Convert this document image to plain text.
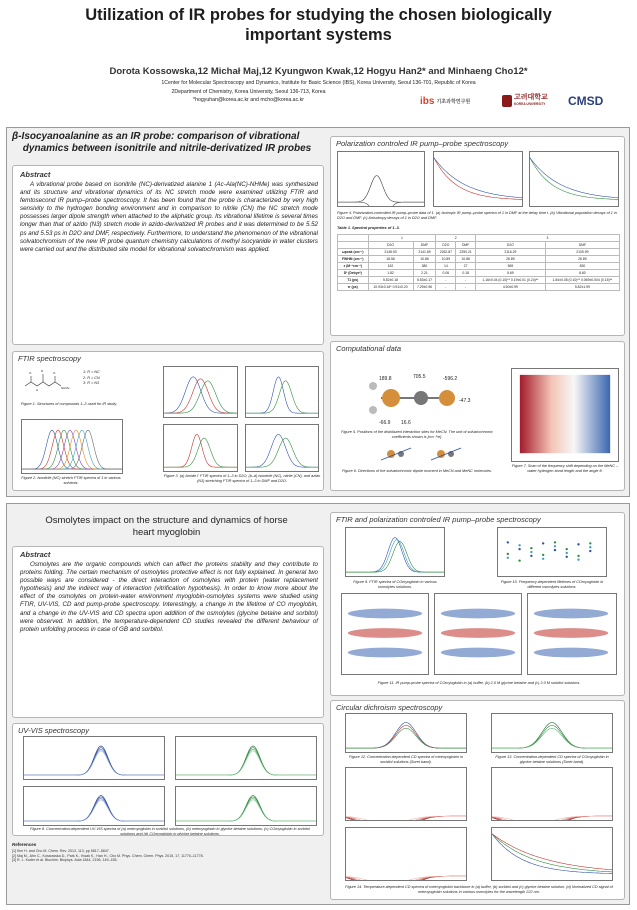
Utilization of IR probes for studying the chosen biologically
important systems
Dorota Kossowska,12 Michał Maj,12 Kyungwon Kwak,12 Hogyu Han2* and Minhaeng Cho12*
1Center for Molecular Spectroscopy and Dynamics, Institute for Basic Science (IBS), Korea University, Seoul 136-701, Republic of Korea
2Department of Chemistry, Korea University, Seoul 136-713, Korea
*hogyuhan@korea.ac.kr and mcho@korea.ac.kr	ibs 기초과학연구원
고려대학교
KOREA UNIVERSITY CMSD
β-Isocyanoalanine as an IR probe: comparison of vibrational
dynamics between isonitrile and nitrile-derivatized IR probes
Abstract
A vibrational probe based on isonitrile (NC)-derivatized alanine 1 (Ac-Ala(NC)-NHMe) was synthesized and its structure and vibrational dynamics of its NC stretch mode were examined utilizing FTIR and femtosecond IR pump–probe spectroscopy. It has been found that the probe is characterized by very high sensivity to the hydrogen bonding environment and in comparison to nitrile (CN) the NC stretch mode possesses larger dipole strength when attached to the aliphatic group. Its vibrational lifetime is several times longer than that of azido (N3) stretch mode in azido-derivatized IR probes and it was determined to be 5.52 ps and 5.53 ps in D2O and DMF, respectively. Furthermore, to understand the phenomenon of the vibrational solvatochromism of the new IR probe quantum chemistry calculations of methyl isocyanide in water clusters were carried out and the distributed site model for vibrational solvatochromism was applied.
FTIR spectroscopy
O	R	O
H	NHMe
1: R = NC
2: R = CN
3: R = N3
Figure 1. Structures of compounds 1–3 used for IR study.
Figure 2. Isonitrile (NC) stretch FTIR spectra of 1 in various solvents.
Figure 3. (a) Amide I' FTIR spectra of 1–3 in D2O, (b–d) isonitrile (NC), nitrile (CN), and azido (N3) stretching FTIR spectra of 1–3 in DMF and D2O.
Polarization controled IR pump–probe spectroscopy
Figure 4. Polarization-controlled IR pump–probe data of 1. (a) Isotropic IR pump–probe spectra of 1 in DMF at the delay time t. (b) Vibrational population decays of 1 in D2O and DMF. (c) Anisotropy decays of 1 in D2O and DMF.
Table 1. Spectral properties of 1–3.
	1		2		3	
	D2O	DMF	D2O	DMF	D2O	DMF
ωpeak (cm⁻¹)	2148.93	2141.69	2262.87	2250.21	2116.29	2105.99
FWHM (cm⁻¹)	18.56	10.86	10.89	10.86	26.89	26.89
ε (M⁻¹cm⁻¹)	162	380	14	27	569	830
D² (Debye²)	1.82	2.21	0.06	0.18	5.69	8.60
T1 (ps)	5.52±0.18	5.53±0.17	-	-	1.16±0.04 (0.10)** 0.19±0.01 (0.24)**	1.84±0.08 (0.10)** 0.069±0.004 (0.15)**
τr (ps)	10.93±0.16* 0.91±0.20	7.29±0.96	-	-	4.50±0.99	5.82±1.99
Computational data
189.8	705.5	-596.2
-47.3
-66.9 16.6
Figure 5. Positions of the distributed interaction sites for MeCN. The unit of solvatochromic coefficients shown is [cm⁻¹/e].
Figure 6. Directions of the solvatochromic dipole moment in MeCN and MeNC molecules.
Figure 7. Scan of the frequency shift depending on the MeNC – water hydrogen bond length and the angle θ.
Osmolytes impact on the structure and dynamics of horse
heart myoglobin
Abstract
Osmolytes are the organic compounds which can affect the proteins stability and they contribute to proteins folding. The certain mechanism of osmolytes protective effect is not fully explained. In general two possible ways are considered - the direct interaction of osmolytes with protein (water replacement hypothesis) and the indirect way of interaction (vitrification hypothesis). In order to know more about the effect of the osmolytes on protein-water environment myoglobin-osmolytes systems were studied using FTIR, UV-VIS, CD and pump-probe spectroscopy. Interestingly, a change in the lifetime of CO myoglobin, and a change in the UV-VIS and CD spectra upon addition of the osmolytes (glycine betaine and sorbitol) were observed. In addition, the temperature-dependent CD studies revealed the different behaviour of protein unfolding process in case of GB and sorbitol.
UV-VIS spectroscopy
Figure 8. Concentration-dependent UV-VIS spectra of (a) metmyoglobin in sorbitol solutions, (b) metmyoglobin in glycine betaine solutions, (c) COmyoglobin in sorbitol solutions and (d) COmyoglobin in glycine betaine solutions.
References
[1] Kim H. and Cho M. Chem. Rev. 2013, 113, pp 5817–5847.
[2] Maj M., Ahn C., Kossowska D., Park K., Kwak K., Han H., Cho M. Phys. Chem. Chem. Phys. 2015, 17, 11770–11778.
[3] R. L. Koder et al. Biochim. Biophys. Acta 1844, 2196, 149–155.
FTIR and polarization controled IR pump–probe spectroscopy
Figure 9. FTIR spectra of COmyoglobin in various osmolytes solutions.
Figure 10. Frequency-dependent lifetimes of COmyoglobin in different osmolytes solutions.
Figure 11. IR pump-probe spectra of COmyoglobin in (a) buffer, (b) 2.0 M glycine betaine and (c) 2.0 M sorbitol solutions.
Circular dichroism spectroscopy
Figure 12. Concentration-dependent CD spectra of metmyoglobin in sorbitol solutions (Soret band).
Figure 13. Concentration-dependent CD spectra of COmyoglobin in glycine betaine solutions (Soret band).
Figure 14. Temperature-dependent CD spectra of metmyoglobin backbone in (a) buffer, (b) sorbitol and (c) glycine betaine solution. (d) Normalized CD signal of metmyoglobin solutions in various osmolytes for the wavelength 222 nm.
